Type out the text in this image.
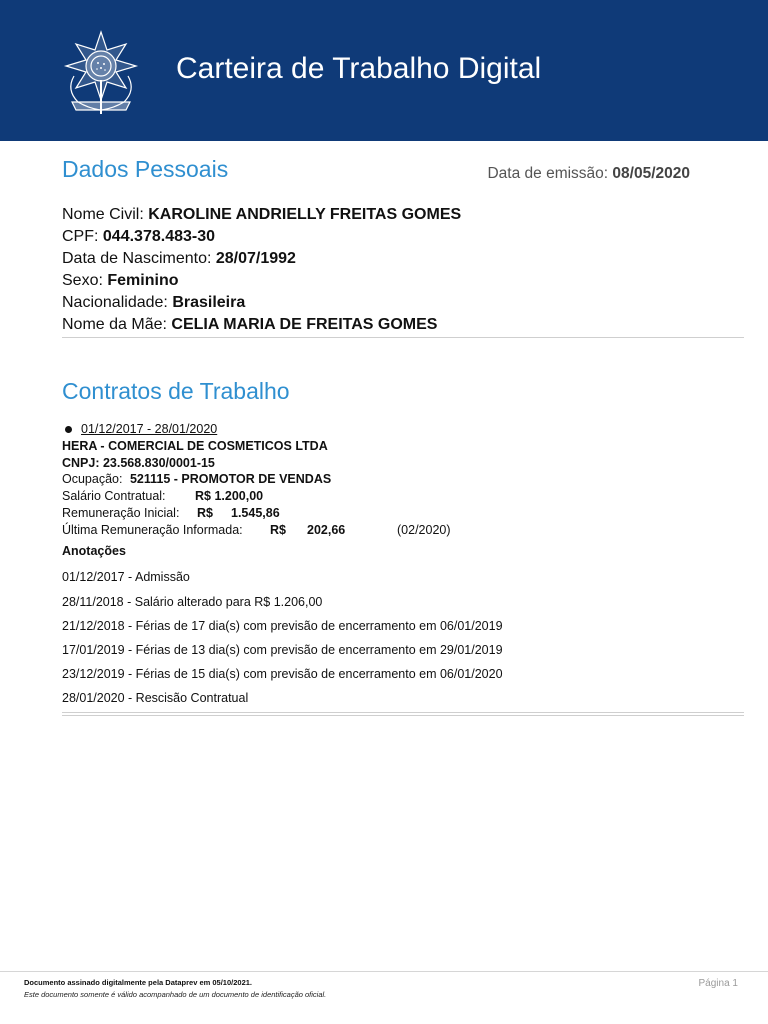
Carteira de Trabalho Digital
Dados Pessoais	Data de emissão: 08/05/2020
Nome Civil: KAROLINE ANDRIELLY FREITAS GOMES
CPF: 044.378.483-30
Data de Nascimento: 28/07/1992
Sexo: Feminino
Nacionalidade: Brasileira
Nome da Mãe: CELIA MARIA DE FREITAS GOMES
Contratos de Trabalho
01/12/2017 - 28/01/2020
HERA - COMERCIAL DE COSMETICOS LTDA
CNPJ: 23.568.830/0001-15
Ocupação: 521115 - PROMOTOR DE VENDAS
Salário Contratual: R$ 1.200,00
Remuneração Inicial: R$ 1.545,86
Última Remuneração Informada: R$ 202,66	(02/2020)
Anotações
01/12/2017 - Admissão
28/11/2018 - Salário alterado para R$ 1.206,00
21/12/2018 - Férias de 17 dia(s) com previsão de encerramento em 06/01/2019
17/01/2019 - Férias de 13 dia(s) com previsão de encerramento em 29/01/2019
23/12/2019 - Férias de 15 dia(s) com previsão de encerramento em 06/01/2020
28/01/2020 - Rescisão Contratual
Documento assinado digitalmente pela Dataprev em 05/10/2021.
Este documento somente é válido acompanhado de um documento de identificação oficial.
Página 1
